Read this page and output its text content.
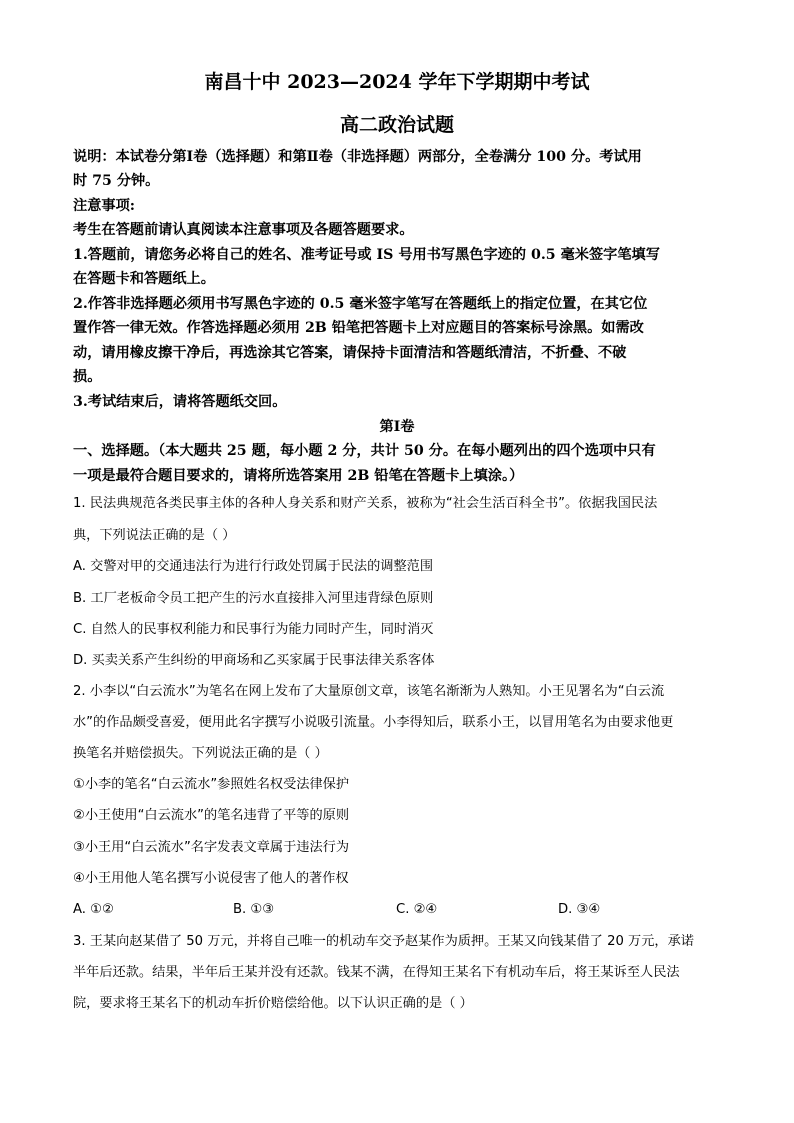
南昌十中 2023—2024 学年下学期期中考试
高二政治试题
说明：本试卷分第Ⅰ卷（选择题）和第Ⅱ卷（非选择题）两部分，全卷满分 100 分。考试用
时 75 分钟。
注意事项:
考生在答题前请认真阅读本注意事项及各题答题要求。
1.答题前，请您务必将自己的姓名、准考证号或 IS 号用书写黑色字迹的 0.5 毫米签字笔填写
在答题卡和答题纸上。
2.作答非选择题必须用书写黑色字迹的 0.5 毫米签字笔写在答题纸上的指定位置，在其它位
置作答一律无效。作答选择题必须用 2B 铅笔把答题卡上对应题目的答案标号涂黑。如需改
动，请用橡皮擦干净后，再选涂其它答案，请保持卡面清洁和答题纸清洁，不折叠、不破
损。
3.考试结束后，请将答题纸交回。
第Ⅰ卷
一、选择题。（本大题共 25 题，每小题 2 分，共计 50 分。在每小题列出的四个选项中只有
一项是最符合题目要求的，请将所选答案用 2B 铅笔在答题卡上填涂。）
1. 民法典规范各类民事主体的各种人身关系和财产关系，被称为“社会生活百科全书”。依据我国民法
典，下列说法正确的是（ ）
A. 交警对甲的交通违法行为进行行政处罚属于民法的调整范围
B. 工厂老板命令员工把产生的污水直接排入河里违背绿色原则
C. 自然人的民事权利能力和民事行为能力同时产生，同时消灭
D. 买卖关系产生纠纷的甲商场和乙买家属于民事法律关系客体
2. 小李以“白云流水”为笔名在网上发布了大量原创文章，该笔名渐渐为人熟知。小王见署名为“白云流
水”的作品颇受喜爱，便用此名字撰写小说吸引流量。小李得知后，联系小王，以冒用笔名为由要求他更
换笔名并赔偿损失。下列说法正确的是（ ）
①小李的笔名“白云流水”参照姓名权受法律保护
②小王使用“白云流水”的笔名违背了平等的原则
③小王用“白云流水”名字发表文章属于违法行为
④小王用他人笔名撰写小说侵害了他人的著作权
A. ①②	B. ①③	C. ②④	D. ③④
3. 王某向赵某借了 50 万元，并将自己唯一的机动车交予赵某作为质押。王某又向钱某借了 20 万元，承诺
半年后还款。结果，半年后王某并没有还款。钱某不满，在得知王某名下有机动车后，将王某诉至人民法
院，要求将王某名下的机动车折价赔偿给他。以下认识正确的是（ ）
